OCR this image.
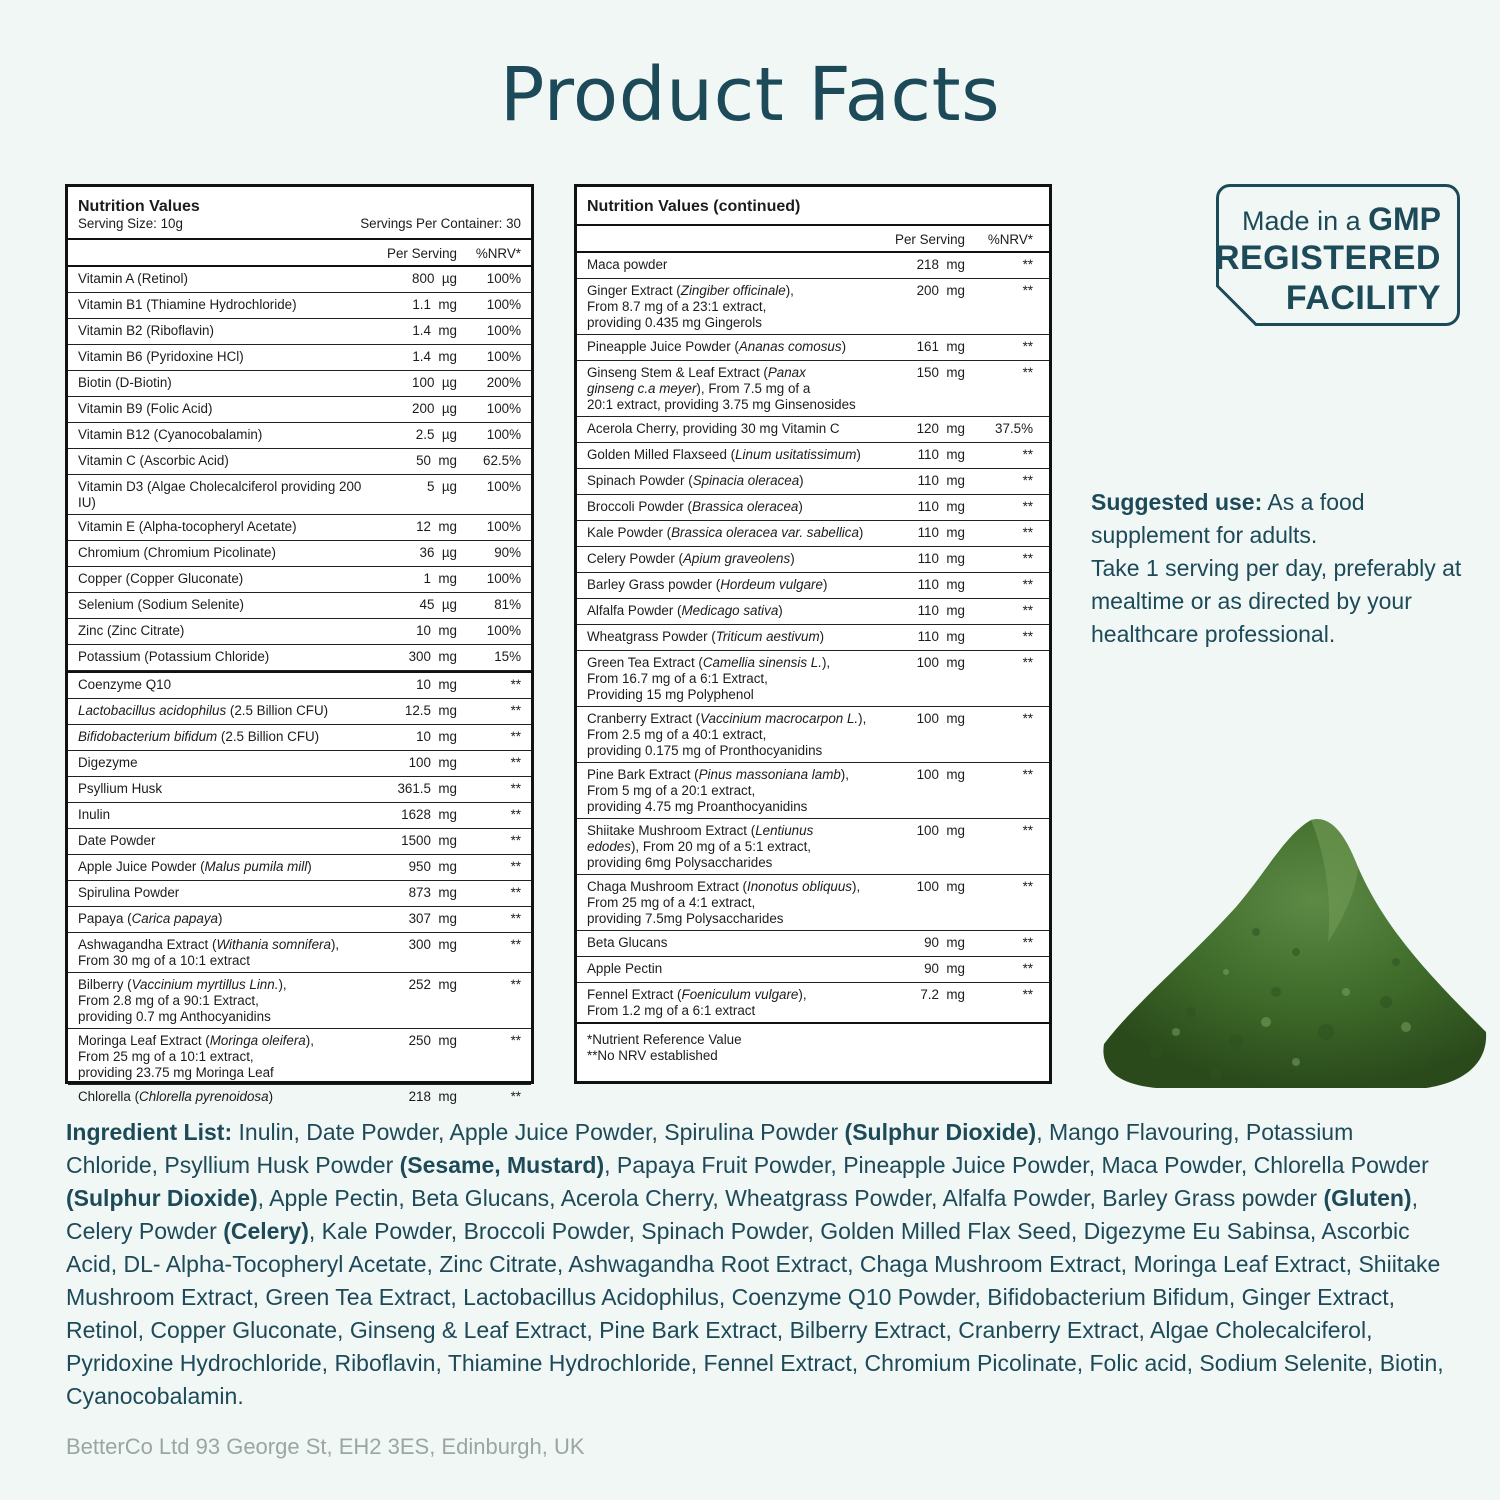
Product Facts
Nutrition Values
Serving Size: 10g	Servings Per Container: 30
Per Serving	%NRV*
Vitamin A (Retinol)	800  µg	100%
Vitamin B1 (Thiamine Hydrochloride)	1.1  mg	100%
Vitamin B2 (Riboflavin)	1.4  mg	100%
Vitamin B6 (Pyridoxine HCl)	1.4  mg	100%
Biotin (D-Biotin)	100  µg	200%
Vitamin B9 (Folic Acid)	200  µg	100%
Vitamin B12 (Cyanocobalamin)	2.5  µg	100%
Vitamin C (Ascorbic Acid)	50  mg	62.5%
Vitamin D3 (Algae Cholecalciferol providing 200 IU)
5  µg	100%
Vitamin E (Alpha-tocopheryl Acetate)	12  mg	100%
Chromium (Chromium Picolinate)	36  µg	90%
Copper (Copper Gluconate)	1  mg	100%
Selenium (Sodium Selenite)	45  µg	81%
Zinc (Zinc Citrate)	10  mg	100%
Potassium (Potassium Chloride)	300  mg	15%
Coenzyme Q10	10  mg	**
Lactobacillus acidophilus (2.5 Billion CFU)	12.5  mg	**
Bifidobacterium bifidum (2.5 Billion CFU)	10  mg	**
Digezyme	100  mg	**
Psyllium Husk	361.5  mg	**
Inulin	1628  mg	**
Date Powder	1500  mg	**
Apple Juice Powder (Malus pumila mill)	950  mg	**
Spirulina Powder	873  mg	**
Papaya (Carica papaya)	307  mg	**
Ashwagandha Extract (Withania somnifera),
From 30 mg of a 10:1 extract
300  mg	**
Bilberry (Vaccinium myrtillus Linn.),
From 2.8 mg of a 90:1 Extract,
providing 0.7 mg Anthocyanidins
252  mg	**
Moringa Leaf Extract (Moringa oleifera),
From 25 mg of a 10:1 extract,
providing 23.75 mg Moringa Leaf
250  mg	**
Chlorella (Chlorella pyrenoidosa)	218  mg	**
Nutrition Values (continued)
Per Serving	%NRV*
Maca powder	218  mg	**
Ginger Extract (Zingiber officinale),
From 8.7 mg of a 23:1 extract,
providing 0.435 mg Gingerols
200  mg	**
Pineapple Juice Powder (Ananas comosus)	161  mg	**
Ginseng Stem & Leaf Extract (Panax
ginseng c.a meyer), From 7.5 mg of a
20:1 extract, providing 3.75 mg Ginsenosides
150  mg	**
Acerola Cherry, providing 30 mg Vitamin C	120  mg	37.5%
Golden Milled Flaxseed (Linum usitatissimum)	110  mg	**
Spinach Powder (Spinacia oleracea)	110  mg	**
Broccoli Powder (Brassica oleracea)	110  mg	**
Kale Powder (Brassica oleracea var. sabellica)	110  mg	**
Celery Powder (Apium graveolens)	110  mg	**
Barley Grass powder (Hordeum vulgare)	110  mg	**
Alfalfa Powder (Medicago sativa)	110  mg	**
Wheatgrass Powder (Triticum aestivum)	110  mg	**
Green Tea Extract (Camellia sinensis L.),
From 16.7 mg of a 6:1 Extract,
Providing 15 mg Polyphenol
100  mg	**
Cranberry Extract (Vaccinium macrocarpon L.),
From 2.5 mg of a 40:1 extract,
providing 0.175 mg of Pronthocyanidins
100  mg	**
Pine Bark Extract (Pinus massoniana lamb),
From 5 mg of a 20:1 extract,
providing 4.75 mg Proanthocyanidins
100  mg	**
Shiitake Mushroom Extract (Lentiunus
edodes), From 20 mg of a 5:1 extract,
providing 6mg Polysaccharides
100  mg	**
Chaga Mushroom Extract (Inonotus obliquus),
From 25 mg of a 4:1 extract,
providing 7.5mg Polysaccharides
100  mg	**
Beta Glucans	90  mg	**
Apple Pectin	90  mg	**
Fennel Extract (Foeniculum vulgare),
From 1.2 mg of a 6:1 extract
7.2  mg	**
*Nutrient Reference Value
**No NRV established
Made in a GMP
REGISTERED
FACILITY
Suggested use: As a food supplement for adults.
Take 1 serving per day, preferably at mealtime or as directed by your healthcare professional.
Ingredient List: Inulin, Date Powder, Apple Juice Powder, Spirulina Powder (Sulphur Dioxide), Mango Flavouring, Potassium Chloride, Psyllium Husk Powder (Sesame, Mustard), Papaya Fruit Powder, Pineapple Juice Powder, Maca Powder, Chlorella Powder (Sulphur Dioxide), Apple Pectin, Beta Glucans, Acerola Cherry, Wheatgrass Powder, Alfalfa Powder, Barley Grass powder (Gluten), Celery Powder (Celery), Kale Powder, Broccoli Powder, Spinach Powder, Golden Milled Flax Seed, Digezyme Eu Sabinsa, Ascorbic Acid, DL- Alpha-Tocopheryl Acetate, Zinc Citrate, Ashwagandha Root Extract, Chaga Mushroom Extract, Moringa Leaf Extract, Shiitake Mushroom Extract, Green Tea Extract, Lactobacillus Acidophilus, Coenzyme Q10 Powder, Bifidobacterium Bifidum, Ginger Extract, Retinol, Copper Gluconate, Ginseng & Leaf Extract, Pine Bark Extract, Bilberry Extract, Cranberry Extract, Algae Cholecalciferol, Pyridoxine Hydrochloride, Riboflavin, Thiamine Hydrochloride, Fennel Extract, Chromium Picolinate, Folic acid, Sodium Selenite, Biotin, Cyanocobalamin.
BetterCo Ltd 93 George St, EH2 3ES, Edinburgh, UK
